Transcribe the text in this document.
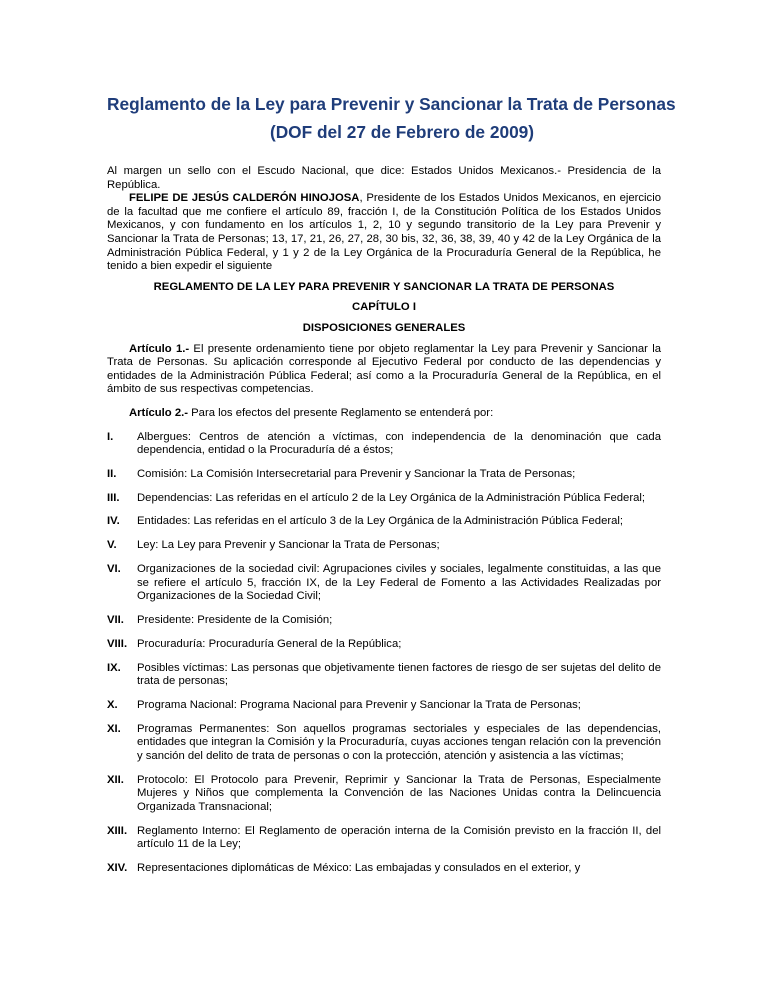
Reglamento de la Ley para Prevenir y Sancionar la Trata de Personas
(DOF del 27 de Febrero de 2009)

Al margen un sello con el Escudo Nacional, que dice: Estados Unidos Mexicanos.- Presidencia de la República.

FELIPE DE JESÚS CALDERÓN HINOJOSA, Presidente de los Estados Unidos Mexicanos, en ejercicio de la facultad que me confiere el artículo 89, fracción I, de la Constitución Política de los Estados Unidos Mexicanos, y con fundamento en los artículos 1, 2, 10 y segundo transitorio de la Ley para Prevenir y Sancionar la Trata de Personas; 13, 17, 21, 26, 27, 28, 30 bis, 32, 36, 38, 39, 40 y 42 de la Ley Orgánica de la Administración Pública Federal, y 1 y 2 de la Ley Orgánica de la Procuraduría General de la República, he tenido a bien expedir el siguiente

REGLAMENTO DE LA LEY PARA PREVENIR Y SANCIONAR LA TRATA DE PERSONAS

CAPÍTULO I

DISPOSICIONES GENERALES

Artículo 1.- El presente ordenamiento tiene por objeto reglamentar la Ley para Prevenir y Sancionar la Trata de Personas. Su aplicación corresponde al Ejecutivo Federal por conducto de las dependencias y entidades de la Administración Pública Federal; así como a la Procuraduría General de la República, en el ámbito de sus respectivas competencias.

Artículo 2.- Para los efectos del presente Reglamento se entenderá por:

I.	Albergues: Centros de atención a víctimas, con independencia de la denominación que cada dependencia, entidad o la Procuraduría dé a éstos;
II.	Comisión: La Comisión Intersecretarial para Prevenir y Sancionar la Trata de Personas;
III.	Dependencias: Las referidas en el artículo 2 de la Ley Orgánica de la Administración Pública Federal;
IV.	Entidades: Las referidas en el artículo 3 de la Ley Orgánica de la Administración Pública Federal;
V.	Ley: La Ley para Prevenir y Sancionar la Trata de Personas;
VI.	Organizaciones de la sociedad civil: Agrupaciones civiles y sociales, legalmente constituidas, a las que se refiere el artículo 5, fracción IX, de la Ley Federal de Fomento a las Actividades Realizadas por Organizaciones de la Sociedad Civil;
VII.	Presidente: Presidente de la Comisión;
VIII. Procuraduría: Procuraduría General de la República;
IX.	Posibles víctimas: Las personas que objetivamente tienen factores de riesgo de ser sujetas del delito de trata de personas;
X.	Programa Nacional: Programa Nacional para Prevenir y Sancionar la Trata de Personas;
XI.	Programas Permanentes: Son aquellos programas sectoriales y especiales de las dependencias, entidades que integran la Comisión y la Procuraduría, cuyas acciones tengan relación con la prevención y sanción del delito de trata de personas o con la protección, atención y asistencia a las víctimas;
XII.	Protocolo: El Protocolo para Prevenir, Reprimir y Sancionar la Trata de Personas, Especialmente Mujeres y Niños que complementa la Convención de las Naciones Unidas contra la Delincuencia Organizada Transnacional;
XIII. Reglamento Interno: El Reglamento de operación interna de la Comisión previsto en la fracción II, del artículo 11 de la Ley;
XIV. Representaciones diplomáticas de México: Las embajadas y consulados en el exterior, y
